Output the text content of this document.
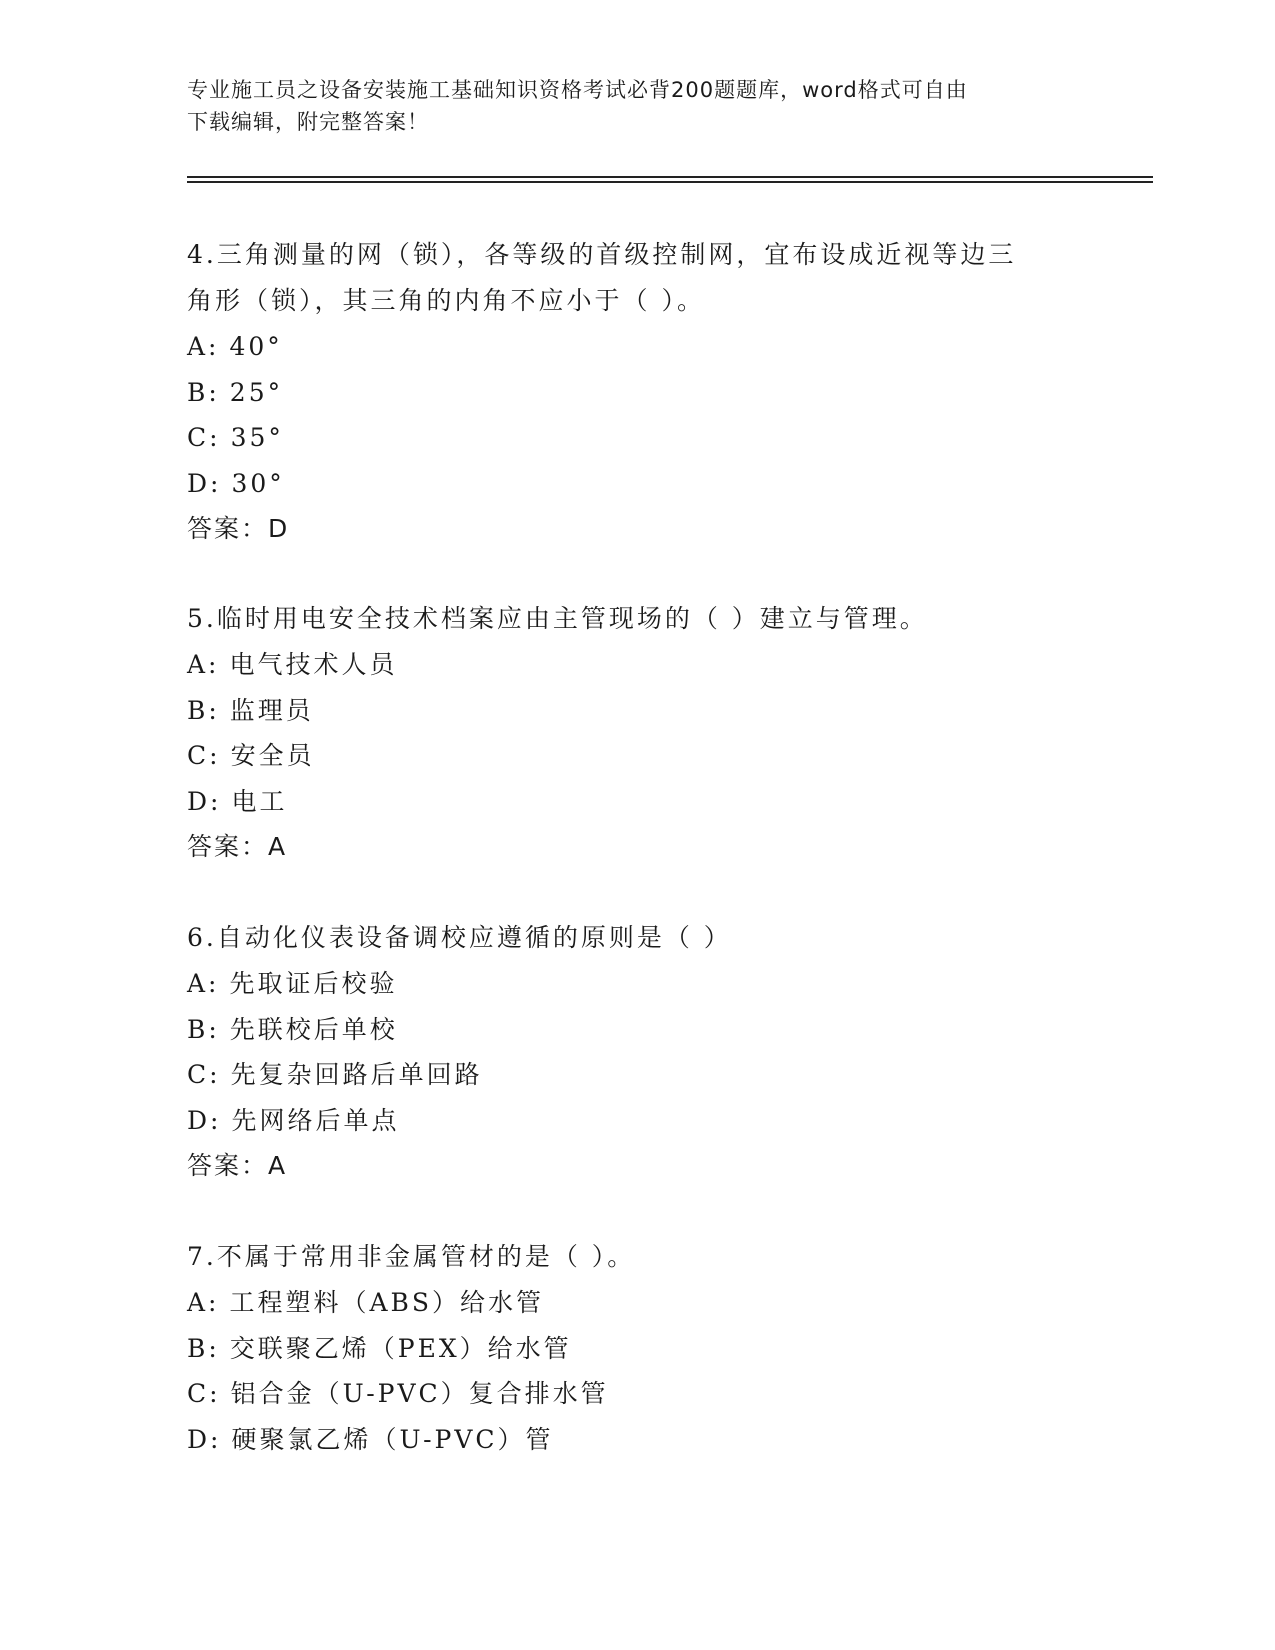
专业施工员之设备安装施工基础知识资格考试必背200题题库，word格式可自由
下载编辑，附完整答案！

4.三角测量的网（锁），各等级的首级控制网，宜布设成近视等边三

角形（锁），其三角的内角不应小于（ ）。

A: 40°

B: 25°

C: 35°

D: 30°

答案：D

5.临时用电安全技术档案应由主管现场的（ ）建立与管理。

A: 电气技术人员

B: 监理员

C: 安全员

D: 电工

答案：A

6.自动化仪表设备调校应遵循的原则是（ ）

A: 先取证后校验

B: 先联校后单校

C: 先复杂回路后单回路

D: 先网络后单点

答案：A

7.不属于常用非金属管材的是（ ）。

A: 工程塑料（ABS）给水管

B: 交联聚乙烯（PEX）给水管

C: 铝合金（U-PVC）复合排水管

D: 硬聚氯乙烯（U-PVC）管
